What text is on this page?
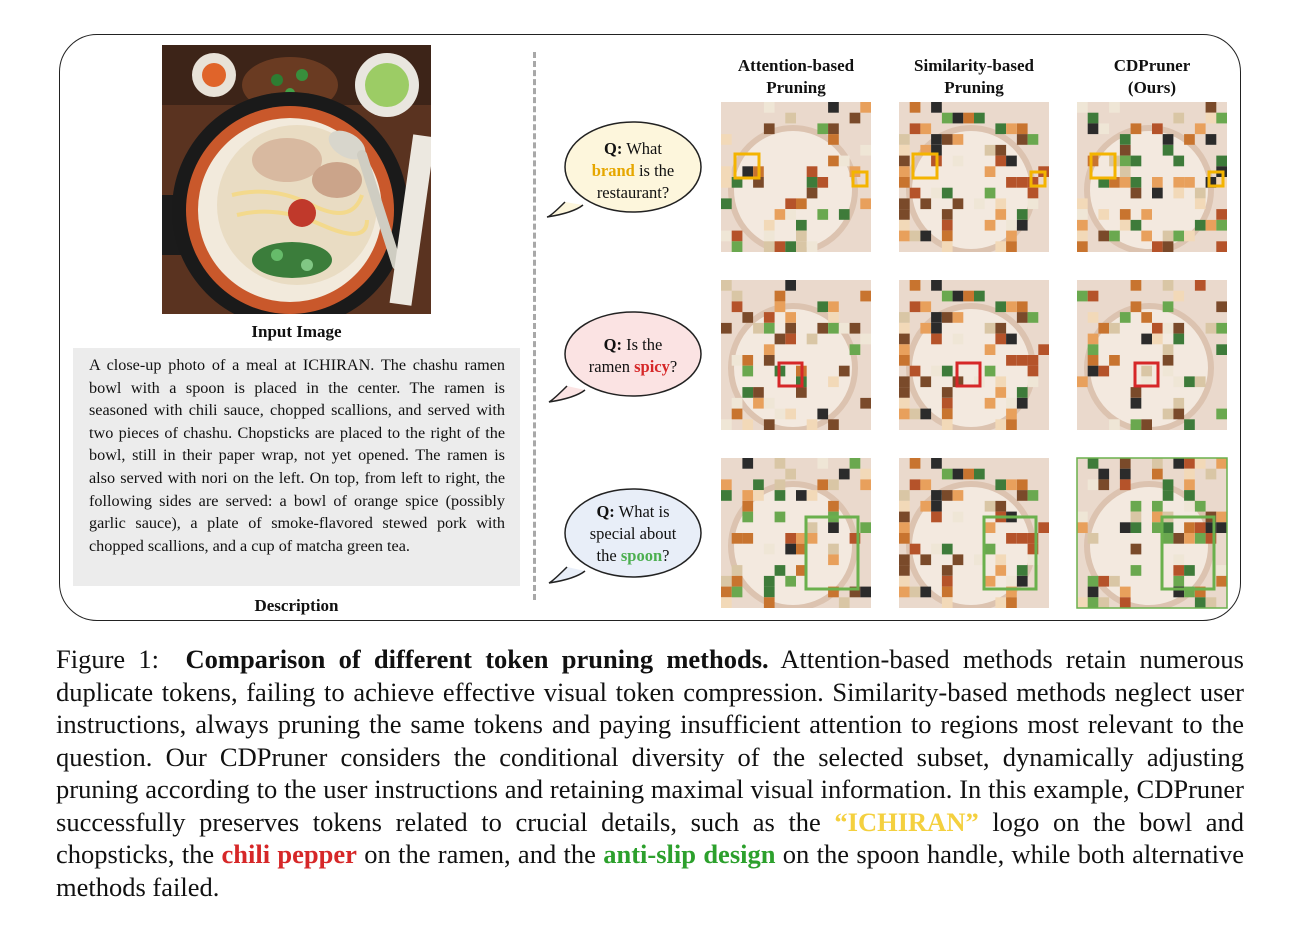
Input Image
A close-up photo of a meal at ICHIRAN. The chashu ramen bowl with a spoon is placed in the center. The ramen is seasoned with chili sauce, chopped scallions, and served with two pieces of chashu. Chopsticks are placed to the right of the bowl, still in their paper wrap, not yet opened. The ramen is also served with nori on the left. On top, from left to right, the following sides are served: a bowl of orange spice (possibly garlic sauce), a plate of smoke-flavored stewed pork with chopped scallions, and a cup of matcha green tea.
Description
Attention-based
Pruning
Similarity-based
Pruning
CDPruner
(Ours)
Q: What
brand is the
restaurant?
Q: Is the
ramen spicy?
Q: What is
special about
the spoon?
Figure 1: Comparison of different token pruning methods. Attention-based methods retain numerous duplicate tokens, failing to achieve effective visual token compression. Similarity-based methods neglect user instructions, always pruning the same tokens and paying insufficient attention to regions most relevant to the question. Our CDPruner considers the conditional diversity of the selected subset, dynamically adjusting pruning according to the user instructions and retaining maximal visual information. In this example, CDPruner successfully preserves tokens related to crucial details, such as the “ICHIRAN” logo on the bowl and chopsticks, the chili pepper on the ramen, and the anti-slip design on the spoon handle, while both alternative methods failed.
